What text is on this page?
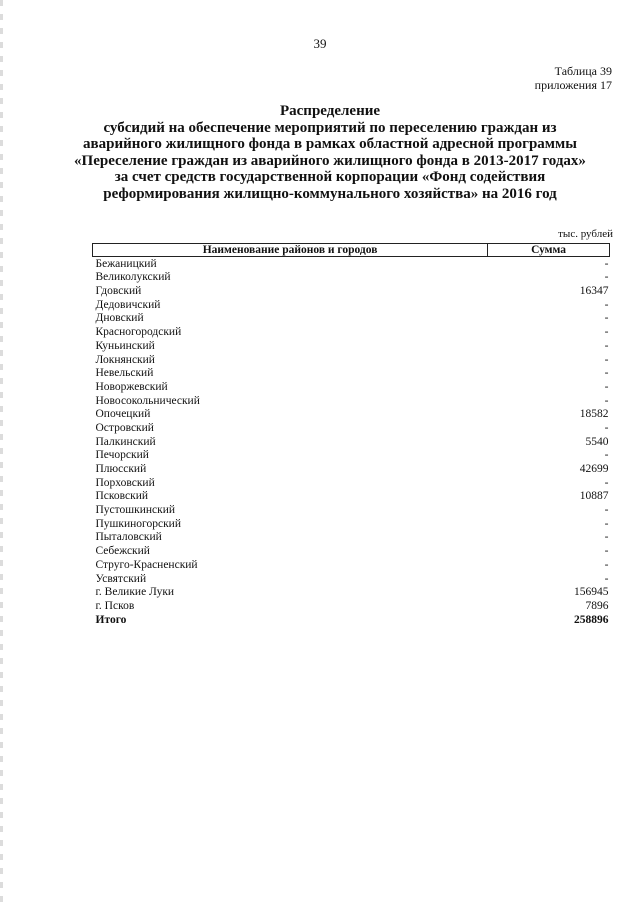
39
Таблица 39
приложения 17
Распределение
субсидий на обеспечение мероприятий по переселению граждан из
аварийного жилищного фонда в рамках областной адресной программы
«Переселение граждан из аварийного жилищного фонда в 2013-2017 годах»
за счет средств государственной корпорации «Фонд содействия
реформирования жилищно-коммунального хозяйства» на 2016 год
тыс. рублей
Наименование районов и городов	Сумма
Бежаницкий	-
Великолукский	-
Гдовский	16347
Дедовичский	-
Дновский	-
Красногородский	-
Куньинский	-
Локнянский	-
Невельский	-
Новоржевский	-
Новосокольнический	-
Опочецкий	18582
Островский	-
Палкинский	5540
Печорский	-
Плюсский	42699
Порховский	-
Псковский	10887
Пустошкинский	-
Пушкиногорский	-
Пыталовский	-
Себежский	-
Струго-Красненский	-
Усвятский	-
г. Великие Луки	156945
г. Псков	7896
Итого	258896
